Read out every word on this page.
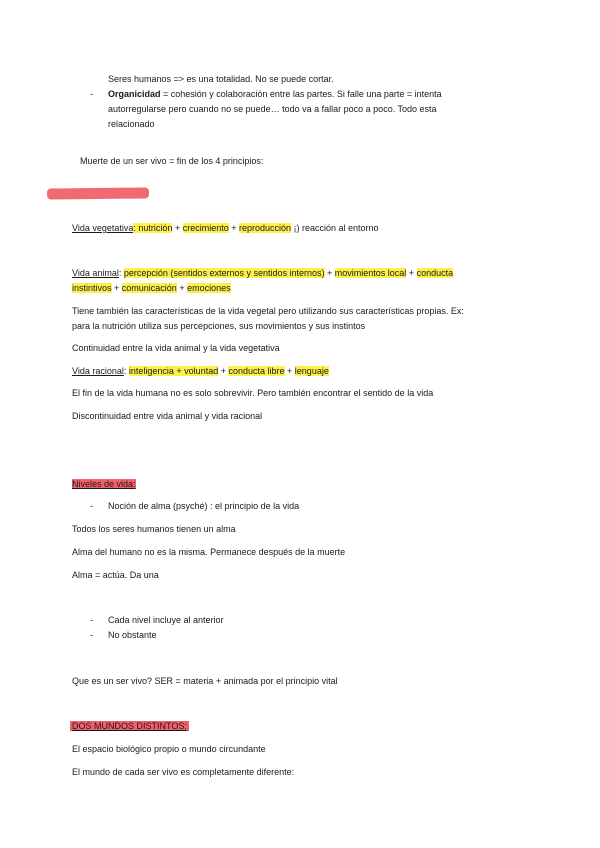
Seres humanos => es una totalidad. No se puede cortar.
- Organicidad = cohesión y colaboración entre las partes. Si falle una parte = intenta
autorregularse pero cuando no se puede… todo va a fallar poco a poco. Todo esta
relacionado
Muerte de un ser vivo = fin de los 4 principios:
Vida vegetativa: nutrición + crecimiento + reproducción ¡) reacción al entorno
Vida animal: percepción (sentidos externos y sentidos internos) + movimientos local + conducta
instintivos + comunicación + emociones
Tiene también las características de la vida vegetal pero utilizando sus características propias. Ex:
para la nutrición utiliza sus percepciones, sus movimientos y sus instintos
Continuidad entre la vida animal y la vida vegetativa
Vida racional: inteligencia + voluntad + conducta libre + lenguaje
El fin de la vida humana no es solo sobrevivir. Pero también encontrar el sentido de la vida
Discontinuidad entre vida animal y vida racional
Niveles de vida:
- Noción de alma (psyché) : el principio de la vida
Todos los seres humanos tienen un alma
Alma del humano no es la misma. Permanece después de la muerte
Alma = actúa. Da una
- Cada nivel incluye al anterior
- No obstante
Que es un ser vivo? SER = materia + animada por el principio vital
DOS MUNDOS DISTINTOS:
El espacio biológico propio o mundo circundante
El mundo de cada ser vivo es completamente diferente:
